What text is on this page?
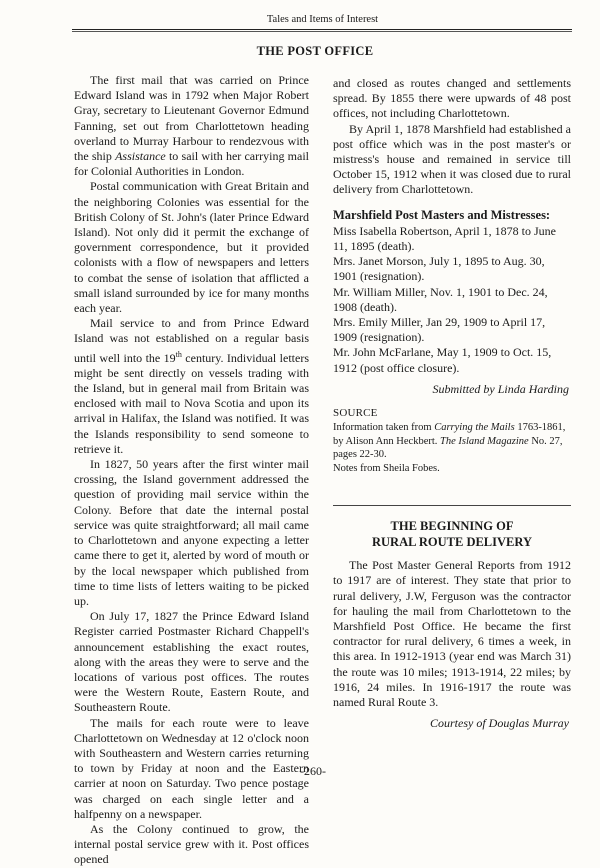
Tales and Items of Interest
THE POST OFFICE

The first mail that was carried on Prince Edward Island was in 1792 when Major Robert Gray, secretary to Lieutenant Governor Edmund Fanning, set out from Charlottetown heading overland to Murray Harbour to rendezvous with the ship Assistance to sail with her carrying mail for Colonial Authorities in London.

Postal communication with Great Britain and the neighboring Colonies was essential for the British Colony of St. John's (later Prince Edward Island). Not only did it permit the exchange of government correspondence, but it provided colonists with a flow of newspapers and letters to combat the sense of isolation that afflicted a small island surrounded by ice for many months each year.

Mail service to and from Prince Edward Island was not established on a regular basis until well into the 19th century. Individual letters might be sent directly on vessels trading with the Island, but in general mail from Britain was enclosed with mail to Nova Scotia and upon its arrival in Halifax, the Island was notified. It was the Islands responsibility to send someone to retrieve it.

In 1827, 50 years after the first winter mail crossing, the Island government addressed the question of providing mail service within the Colony. Before that date the internal postal service was quite straightforward; all mail came to Charlottetown and anyone expecting a letter came there to get it, alerted by word of mouth or by the local newspaper which published from time to time lists of letters waiting to be picked up.

On July 17, 1827 the Prince Edward Island Register carried Postmaster Richard Chappell's announcement establishing the exact routes, along with the areas they were to serve and the locations of various post offices. The routes were the Western Route, Eastern Route, and Southeastern Route.

The mails for each route were to leave Charlottetown on Wednesday at 12 o'clock noon with Southeastern and Western carries returning to town by Friday at noon and the Eastern carrier at noon on Saturday. Two pence postage was charged on each single letter and a halfpenny on a newspaper.

As the Colony continued to grow, the internal postal service grew with it. Post offices opened

and closed as routes changed and settlements spread. By 1855 there were upwards of 48 post offices, not including Charlottetown.

By April 1, 1878 Marshfield had established a post office which was in the post master's or mistress's house and remained in service till October 15, 1912 when it was closed due to rural delivery from Charlottetown.

Marshfield Post Masters and Mistresses:
Miss Isabella Robertson, April 1, 1878 to June 11, 1895 (death).
Mrs. Janet Morson, July 1, 1895 to Aug. 30, 1901 (resignation).
Mr. William Miller, Nov. 1, 1901 to Dec. 24, 1908 (death).
Mrs. Emily Miller, Jan 29, 1909 to April 17, 1909 (resignation).
Mr. John McFarlane, May 1, 1909 to Oct. 15, 1912 (post office closure).
Submitted by Linda Harding
SOURCE
Information taken from Carrying the Mails 1763-1861,
by Alison Ann Heckbert. The Island Magazine No. 27,
pages 22-30.
Notes from Sheila Fobes.
THE BEGINNING OF
RURAL ROUTE DELIVERY

The Post Master General Reports from 1912 to 1917 are of interest. They state that prior to rural delivery, J.W, Ferguson was the contractor for hauling the mail from Charlottetown to the Marshfield Post Office. He became the first contractor for rural delivery, 6 times a week, in this area. In 1912-1913 (year end was March 31) the route was 10 miles; 1913-1914, 22 miles; by 1916, 24 miles. In 1916-1917 the route was named Rural Route 3.

Courtesy of Douglas Murray
-260-
